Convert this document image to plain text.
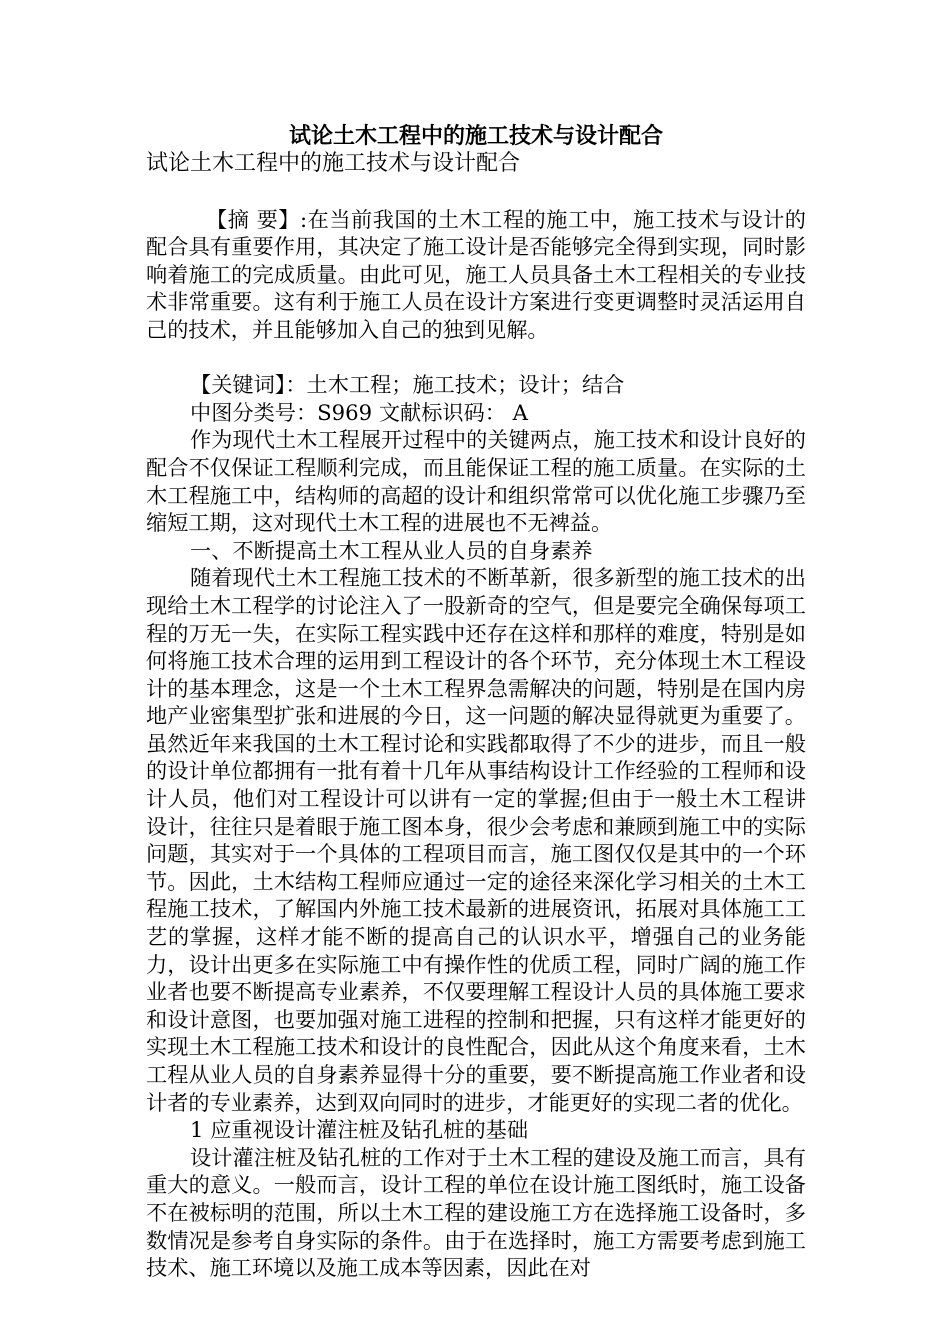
试论土木工程中的施工技术与设计配合

试论土木工程中的施工技术与设计配合

【摘 要】:在当前我国的土木工程的施工中，施工技术与设计的配合具有重要作用，其决定了施工设计是否能够完全得到实现，同时影响着施工的完成质量。由此可见，施工人员具备土木工程相关的专业技术非常重要。这有利于施工人员在设计方案进行变更调整时灵活运用自己的技术，并且能够加入自己的独到见解。

【关键词】：土木工程；施工技术；设计；结合

中图分类号：S969 文献标识码： A

作为现代土木工程展开过程中的关键两点，施工技术和设计良好的配合不仅保证工程顺利完成，而且能保证工程的施工质量。在实际的土木工程施工中，结构师的高超的设计和组织常常可以优化施工步骤乃至缩短工期，这对现代土木工程的进展也不无裨益。

一、不断提高土木工程从业人员的自身素养

随着现代土木工程施工技术的不断革新，很多新型的施工技术的出现给土木工程学的讨论注入了一股新奇的空气，但是要完全确保每项工程的万无一失，在实际工程实践中还存在这样和那样的难度，特别是如何将施工技术合理的运用到工程设计的各个环节，充分体现土木工程设计的基本理念，这是一个土木工程界急需解决的问题，特别是在国内房地产业密集型扩张和进展的今日，这一问题的解决显得就更为重要了。虽然近年来我国的土木工程讨论和实践都取得了不少的进步，而且一般的设计单位都拥有一批有着十几年从事结构设计工作经验的工程师和设计人员，他们对工程设计可以讲有一定的掌握;但由于一般土木工程讲设计，往往只是着眼于施工图本身，很少会考虑和兼顾到施工中的实际问题，其实对于一个具体的工程项目而言，施工图仅仅是其中的一个环节。因此，土木结构工程师应通过一定的途径来深化学习相关的土木工程施工技术，了解国内外施工技术最新的进展资讯，拓展对具体施工工艺的掌握，这样才能不断的提高自己的认识水平，增强自己的业务能力，设计出更多在实际施工中有操作性的优质工程，同时广阔的施工作业者也要不断提高专业素养，不仅要理解工程设计人员的具体施工要求和设计意图，也要加强对施工进程的控制和把握，只有这样才能更好的实现土木工程施工技术和设计的良性配合，因此从这个角度来看，土木工程从业人员的自身素养显得十分的重要，要不断提高施工作业者和设计者的专业素养，达到双向同时的进步，才能更好的实现二者的优化。

1 应重视设计灌注桩及钻孔桩的基础

设计灌注桩及钻孔桩的工作对于土木工程的建设及施工而言，具有重大的意义。一般而言，设计工程的单位在设计施工图纸时，施工设备不在被标明的范围，所以土木工程的建设施工方在选择施工设备时，多数情况是参考自身实际的条件。由于在选择时，施工方需要考虑到施工技术、施工环境以及施工成本等因素，因此在对
